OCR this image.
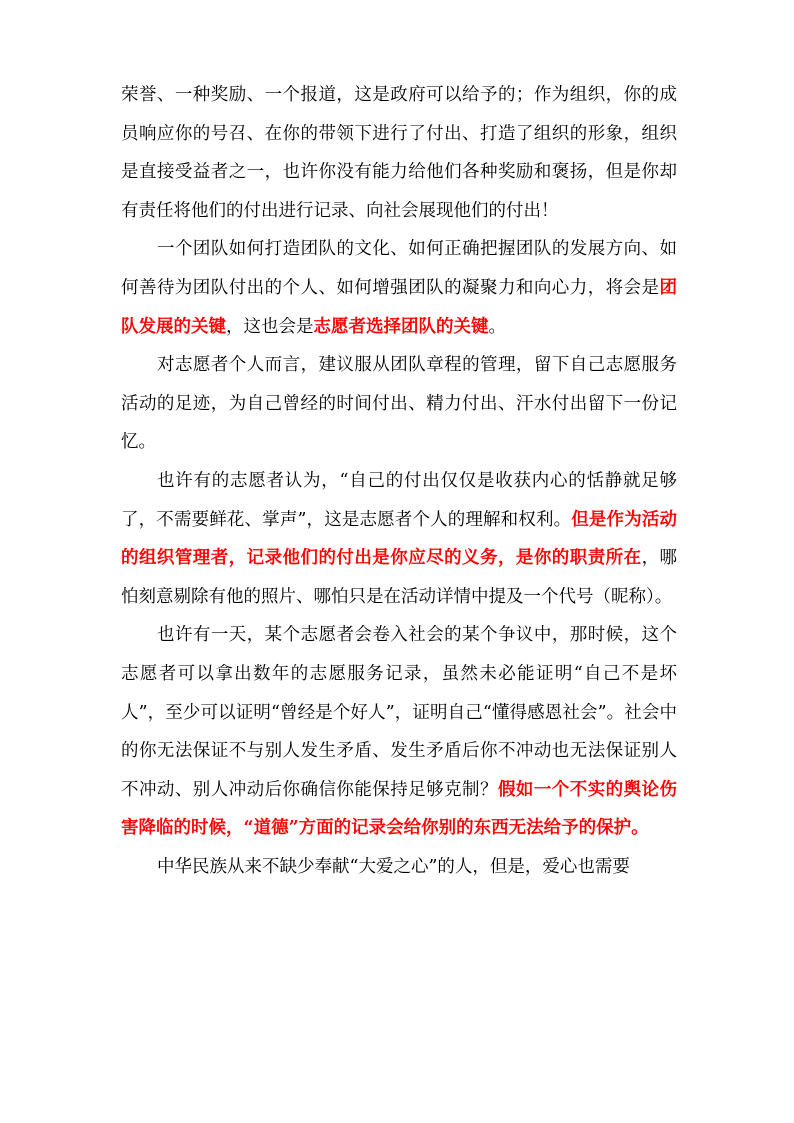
荣誉、一种奖励、一个报道，这是政府可以给予的；作为组织，你的成员响应你的号召、在你的带领下进行了付出、打造了组织的形象，组织是直接受益者之一，也许你没有能力给他们各种奖励和褒扬，但是你却有责任将他们的付出进行记录、向社会展现他们的付出！

一个团队如何打造团队的文化、如何正确把握团队的发展方向、如何善待为团队付出的个人、如何增强团队的凝聚力和向心力，将会是团队发展的关键，这也会是志愿者选择团队的关键。

对志愿者个人而言，建议服从团队章程的管理，留下自己志愿服务活动的足迹，为自己曾经的时间付出、精力付出、汗水付出留下一份记忆。

也许有的志愿者认为，“自己的付出仅仅是收获内心的恬静就足够了，不需要鲜花、掌声”，这是志愿者个人的理解和权利。但是作为活动的组织管理者，记录他们的付出是你应尽的义务，是你的职责所在，哪怕刻意剔除有他的照片、哪怕只是在活动详情中提及一个代号（昵称）。

也许有一天，某个志愿者会卷入社会的某个争议中，那时候，这个志愿者可以拿出数年的志愿服务记录，虽然未必能证明“自己不是坏人”，至少可以证明“曾经是个好人”，证明自己“懂得感恩社会”。社会中的你无法保证不与别人发生矛盾、发生矛盾后你不冲动也无法保证别人不冲动、别人冲动后你确信你能保持足够克制？假如一个不实的舆论伤害降临的时候，“道德”方面的记录会给你别的东西无法给予的保护。

中华民族从来不缺少奉献“大爱之心”的人，但是，爱心也需要
